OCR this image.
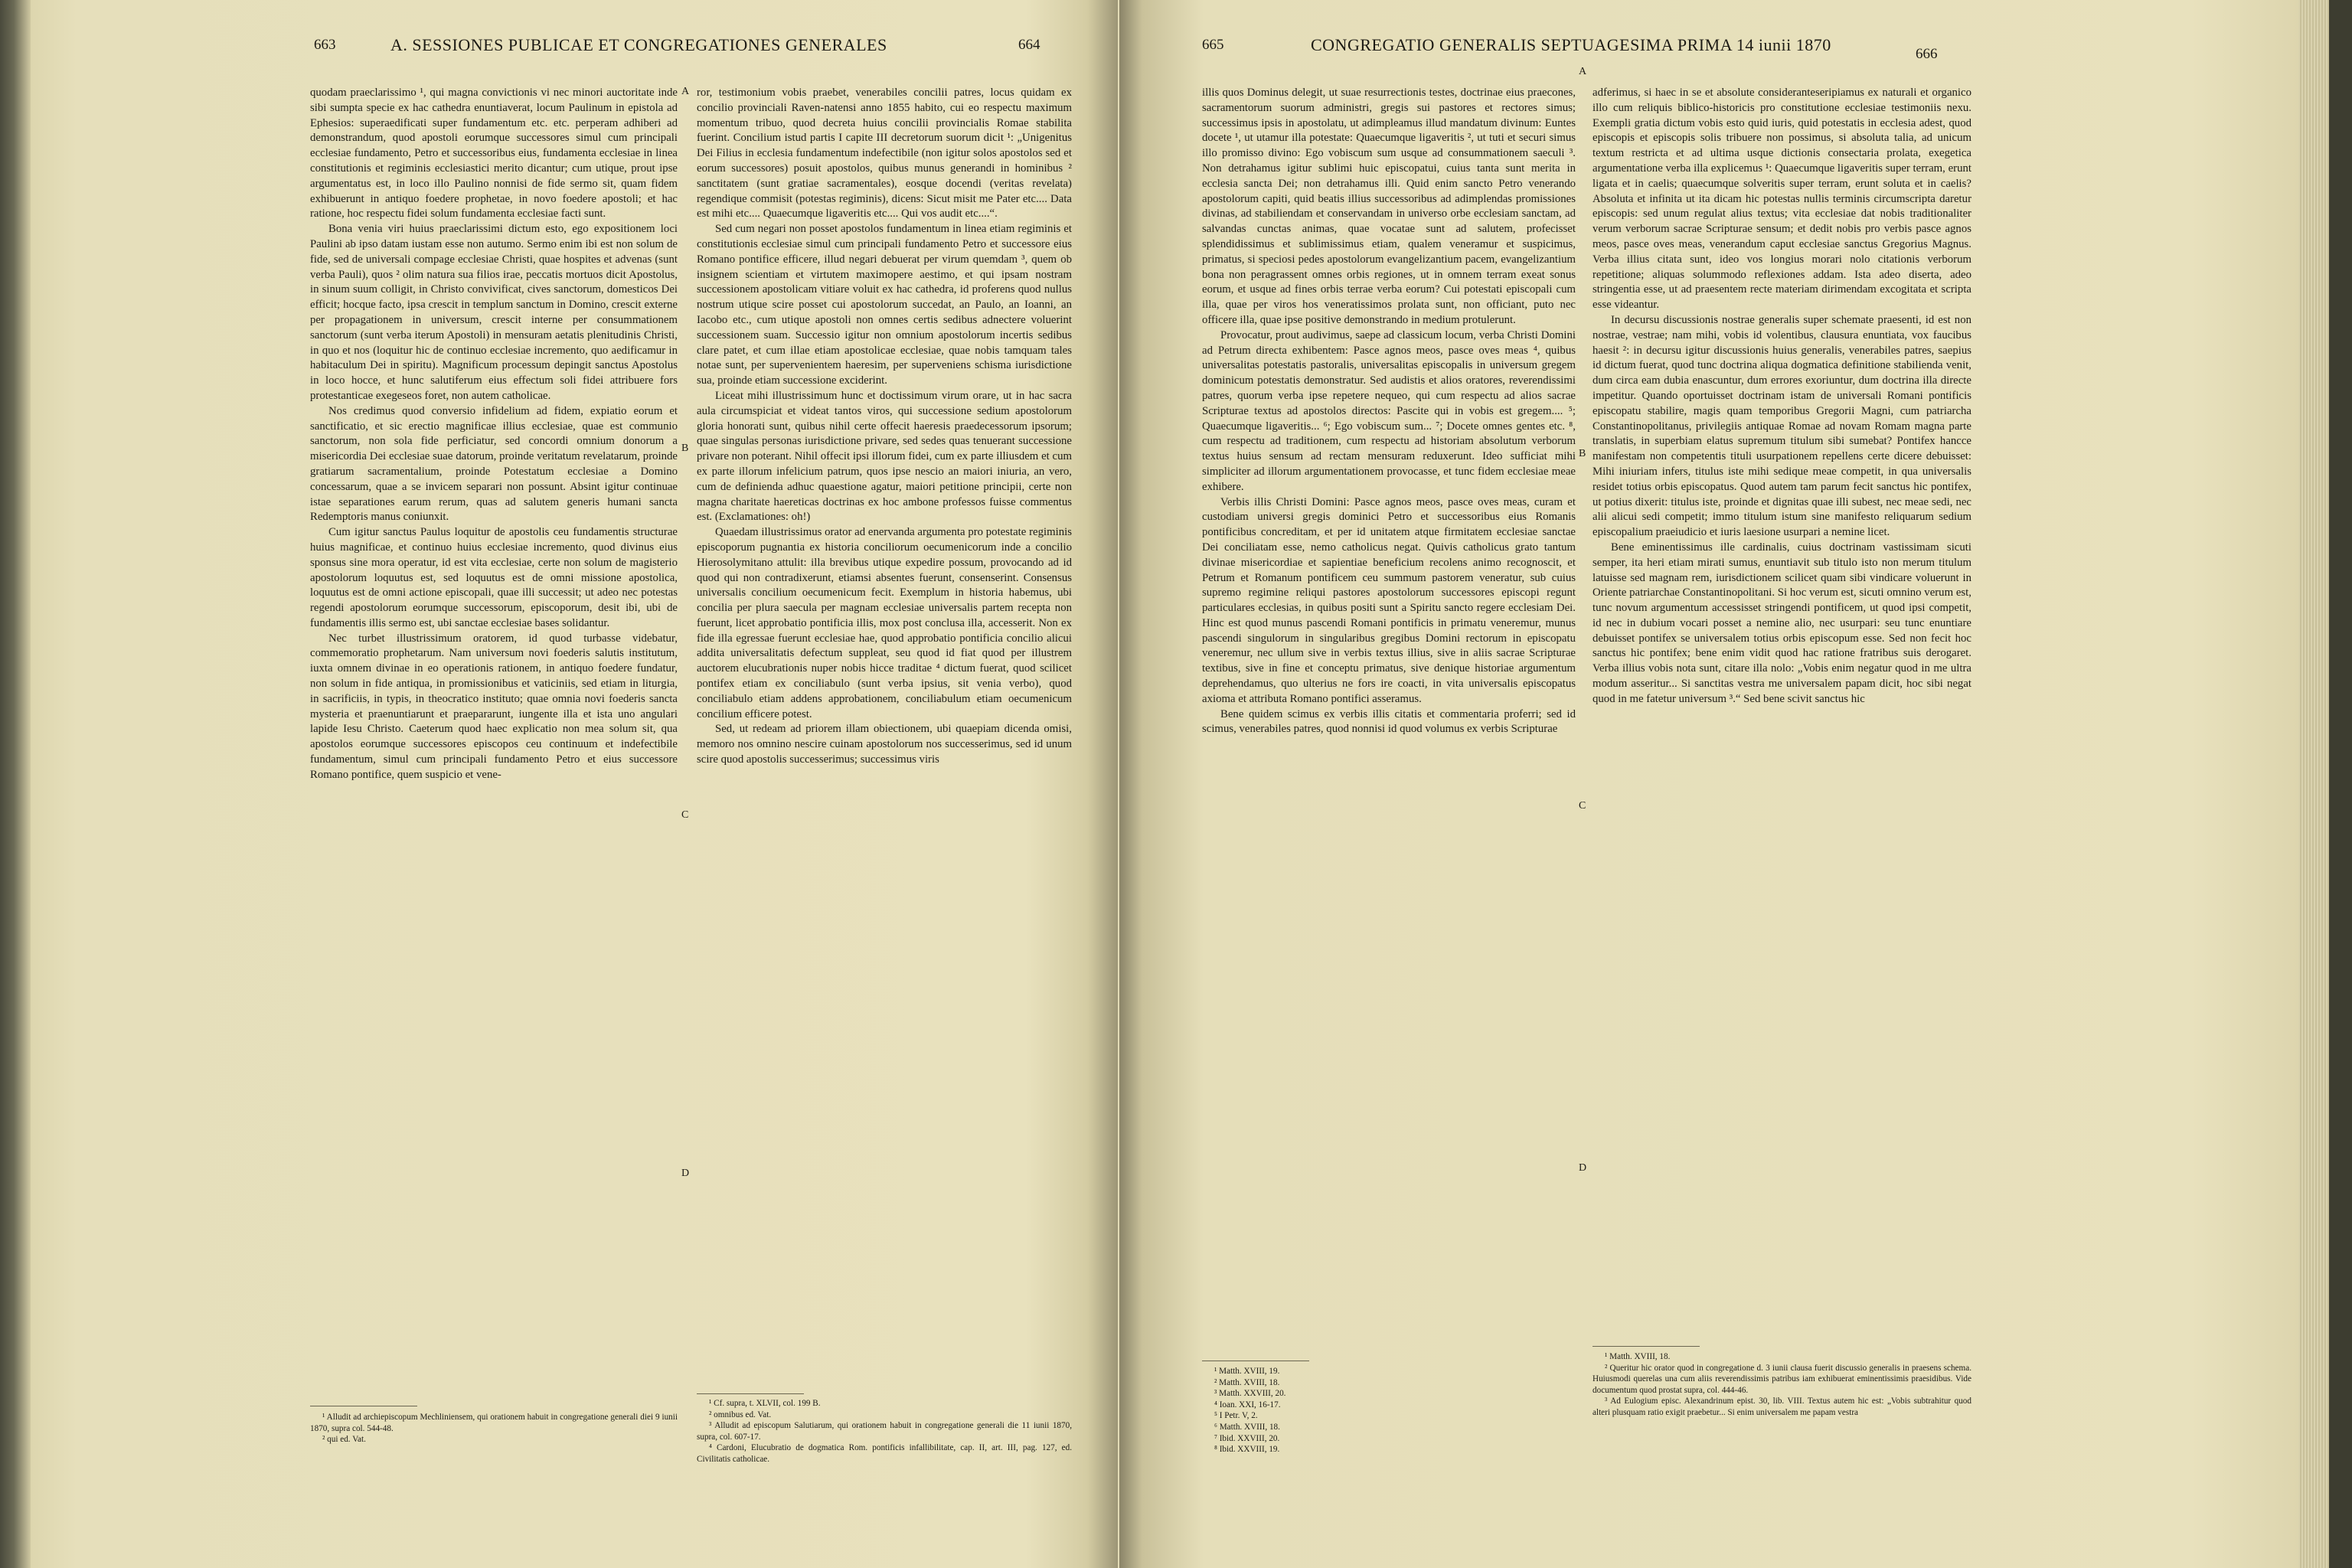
663	A. SESSIONES PUBLICAE ET CONGREGATIONES GENERALES	664

quodam praeclarissimo ¹, qui magna convictionis vi nec minori auctoritate inde sibi sumpta specie ex hac cathedra enuntiaverat, locum Paulinum in epistola ad Ephesios: superaedificati super fundamentum etc. etc. perperam adhiberi ad demonstrandum, quod apostoli eorumque successores simul cum principali ecclesiae fundamento, Petro et successoribus eius, fundamenta ecclesiae in linea constitutionis et regiminis ecclesiastici merito dicantur; cum utique, prout ipse argumentatus est, in loco illo Paulino nonnisi de fide sermo sit, quam fidem exhibuerunt in antiquo foedere prophetae, in novo foedere apostoli; et hac ratione, hoc respectu fidei solum fundamenta ecclesiae facti sunt.

Bona venia viri huius praeclarissimi dictum esto, ego expositionem loci Paulini ab ipso datam iustam esse non autumo. Sermo enim ibi est non solum de fide, sed de universali compage ecclesiae Christi, quae hospites et advenas (sunt verba Pauli), quos ² olim natura sua filios irae, peccatis mortuos dicit Apostolus, in sinum suum colligit, in Christo convivificat, cives sanctorum, domesticos Dei efficit; hocque facto, ipsa crescit in templum sanctum in Domino, crescit externe per propagationem in universum, crescit interne per consummationem sanctorum (sunt verba iterum Apostoli) in mensuram aetatis plenitudinis Christi, in quo et nos (loquitur hic de continuo ecclesiae incremento, quo aedificamur in habitaculum Dei in spiritu). Magnificum processum depingit sanctus Apostolus in loco hocce, et hunc salutiferum eius effectum soli fidei attribuere fors protestanticae exegeseos foret, non autem catholicae.

Nos credimus quod conversio infidelium ad fidem, expiatio eorum et sanctificatio, et sic erectio magnificae illius ecclesiae, quae est communio sanctorum, non sola fide perficiatur, sed concordi omnium donorum a misericordia Dei ecclesiae suae datorum, proinde veritatum revelatarum, proinde gratiarum sacramentalium, proinde Potestatum ecclesiae a Domino concessarum, quae a se invicem separari non possunt. Absint igitur continuae istae separationes earum rerum, quas ad salutem generis humani sancta Redemptoris manus coniunxit.

Cum igitur sanctus Paulus loquitur de apostolis ceu fundamentis structurae huius magnificae, et continuo huius ecclesiae incremento, quod divinus eius sponsus sine mora operatur, id est vita ecclesiae, certe non solum de magisterio apostolorum loquutus est, sed loquutus est de omni missione apostolica, loquutus est de omni actione episcopali, quae illi successit; ut adeo nec potestas regendi apostolorum eorumque successorum, episcoporum, desit ibi, ubi de fundamentis illis sermo est, ubi sanctae ecclesiae bases solidantur.

Nec turbet illustrissimum oratorem, id quod turbasse videbatur, commemoratio prophetarum. Nam universum novi foederis salutis institutum, iuxta omnem divinae in eo operationis rationem, in antiquo foedere fundatur, non solum in fide antiqua, in promissionibus et vaticiniis, sed etiam in liturgia, in sacrificiis, in typis, in theocratico instituto; quae omnia novi foederis sancta mysteria et praenuntiarunt et praepararunt, iungente illa et ista uno angulari lapide Iesu Christo. Caeterum quod haec explicatio non mea solum sit, qua apostolos eorumque successores episcopos ceu continuum et indefectibile fundamentum, simul cum principali fundamento Petro et eius successore Romano pontifice, quem suspicio et vene-

A
B
C
D

ror, testimonium vobis praebet, venerabiles concilii patres, locus quidam ex concilio provinciali Raven-natensi anno 1855 habito, cui eo respectu maximum momentum tribuo, quod decreta huius concilii provincialis Romae stabilita fuerint. Concilium istud partis I capite III decretorum suorum dicit ¹: „Unigenitus Dei Filius in ecclesia fundamentum indefectibile (non igitur solos apostolos sed et eorum successores) posuit apostolos, quibus munus generandi in hominibus ² sanctitatem (sunt gratiae sacramentales), eosque docendi (veritas revelata) regendique commisit (potestas regiminis), dicens: Sicut misit me Pater etc.... Data est mihi etc.... Quaecumque ligaveritis etc.... Qui vos audit etc....“.

Sed cum negari non posset apostolos fundamentum in linea etiam regiminis et constitutionis ecclesiae simul cum principali fundamento Petro et successore eius Romano pontifice efficere, illud negari debuerat per virum quemdam ³, quem ob insignem scientiam et virtutem maximopere aestimo, et qui ipsam nostram successionem apostolicam vitiare voluit ex hac cathedra, id proferens quod nullus nostrum utique scire posset cui apostolorum succedat, an Paulo, an Ioanni, an Iacobo etc., cum utique apostoli non omnes certis sedibus adnectere voluerint successionem suam. Successio igitur non omnium apostolorum incertis sedibus clare patet, et cum illae etiam apostolicae ecclesiae, quae nobis tamquam tales notae sunt, per supervenientem haeresim, per superveniens schisma iurisdictione sua, proinde etiam successione exciderint.

Liceat mihi illustrissimum hunc et doctissimum virum orare, ut in hac sacra aula circumspiciat et videat tantos viros, qui successione sedium apostolorum gloria honorati sunt, quibus nihil certe offecit haeresis praedecessorum ipsorum; quae singulas personas iurisdictione privare, sed sedes quas tenuerant successione privare non poterant. Nihil offecit ipsi illorum fidei, cum ex parte illiusdem et cum ex parte illorum infelicium patrum, quos ipse nescio an maiori iniuria, an vero, cum de definienda adhuc quaestione agatur, maiori petitione principii, certe non magna charitate haereticas doctrinas ex hoc ambone professos fuisse commentus est. (Exclamationes: oh!)

Quaedam illustrissimus orator ad enervanda argumenta pro potestate regiminis episcoporum pugnantia ex historia conciliorum oecumenicorum inde a concilio Hierosolymitano attulit: illa brevibus utique expedire possum, provocando ad id quod qui non contradixerunt, etiamsi absentes fuerunt, consenserint. Consensus universalis concilium oecumenicum fecit. Exemplum in historia habemus, ubi concilia per plura saecula per magnam ecclesiae universalis partem recepta non fuerunt, licet approbatio pontificia illis, mox post conclusa illa, accesserit. Non ex fide illa egressae fuerunt ecclesiae hae, quod approbatio pontificia concilio alicui addita universalitatis defectum suppleat, seu quod id fiat quod per illustrem auctorem elucubrationis nuper nobis hicce traditae ⁴ dictum fuerat, quod scilicet pontifex etiam ex conciliabulo (sunt verba ipsius, sit venia verbo), quod conciliabulo etiam addens approbationem, conciliabulum etiam oecumenicum concilium efficere potest.

Sed, ut redeam ad priorem illam obiectionem, ubi quaepiam dicenda omisi, memoro nos omnino nescire cuinam apostolorum nos successerimus, sed id unum scire quod apostolis successerimus; successimus viris

¹ Alludit ad archiepiscopum Mechliniensem, qui orationem habuit in congregatione generali diei 9 iunii 1870, supra col. 544-48.

² qui ed. Vat.

¹ Cf. supra, t. XLVII, col. 199 B.

² omnibus ed. Vat.

³ Alludit ad episcopum Salutiarum, qui orationem habuit in congregatione generali die 11 iunii 1870, supra, col. 607-17.

⁴ Cardoni, Elucubratio de dogmatica Rom. pontificis infallibilitate, cap. II, art. III, pag. 127, ed. Civilitatis catholicae.

665	CONGREGATIO GENERALIS SEPTUAGESIMA PRIMA 14 iunii 1870	666

illis quos Dominus delegit, ut suae resurrectionis testes, doctrinae eius praecones, sacramentorum suorum administri, gregis sui pastores et rectores simus; successimus ipsis in apostolatu, ut adimpleamus illud mandatum divinum: Euntes docete ¹, ut utamur illa potestate: Quaecumque ligaveritis ², ut tuti et securi simus illo promisso divino: Ego vobiscum sum usque ad consummationem saeculi ³. Non detrahamus igitur sublimi huic episcopatui, cuius tanta sunt merita in ecclesia sancta Dei; non detrahamus illi. Quid enim sancto Petro venerando apostolorum capiti, quid beatis illius successoribus ad adimplendas promissiones divinas, ad stabiliendam et conservandam in universo orbe ecclesiam sanctam, ad salvandas cunctas animas, quae vocatae sunt ad salutem, profecisset splendidissimus et sublimissimus etiam, qualem veneramur et suspicimus, primatus, si speciosi pedes apostolorum evangelizantium pacem, evangelizantium bona non peragrassent omnes orbis regiones, ut in omnem terram exeat sonus eorum, et usque ad fines orbis terrae verba eorum? Cui potestati episcopali cum illa, quae per viros hos veneratissimos prolata sunt, non officiant, puto nec officere illa, quae ipse positive demonstrando in medium protulerunt.

Provocatur, prout audivimus, saepe ad classicum locum, verba Christi Domini ad Petrum directa exhibentem: Pasce agnos meos, pasce oves meas ⁴, quibus universalitas potestatis pastoralis, universalitas episcopalis in universum gregem dominicum potestatis demonstratur. Sed audistis et alios oratores, reverendissimi patres, quorum verba ipse repetere nequeo, qui cum respectu ad alios sacrae Scripturae textus ad apostolos directos: Pascite qui in vobis est gregem.... ⁵; Quaecumque ligaveritis... ⁶; Ego vobiscum sum... ⁷; Docete omnes gentes etc. ⁸, cum respectu ad traditionem, cum respectu ad historiam absolutum verborum textus huius sensum ad rectam mensuram reduxerunt. Ideo sufficiat mihi simpliciter ad illorum argumentationem provocasse, et tunc fidem ecclesiae meae exhibere.

Verbis illis Christi Domini: Pasce agnos meos, pasce oves meas, curam et custodiam universi gregis dominici Petro et successoribus eius Romanis pontificibus concreditam, et per id unitatem atque firmitatem ecclesiae sanctae Dei conciliatam esse, nemo catholicus negat. Quivis catholicus grato tantum divinae misericordiae et sapientiae beneficium recolens animo recognoscit, et Petrum et Romanum pontificem ceu summum pastorem veneratur, sub cuius supremo regimine reliqui pastores apostolorum successores episcopi regunt particulares ecclesias, in quibus positi sunt a Spiritu sancto regere ecclesiam Dei. Hinc est quod munus pascendi Romani pontificis in primatu veneremur, munus pascendi singulorum in singularibus gregibus Domini rectorum in episcopatu veneremur, nec ullum sive in verbis textus illius, sive in aliis sacrae Scripturae textibus, sive in fine et conceptu primatus, sive denique historiae argumentum deprehendamus, quo ulterius ne fors ire coacti, in vita universalis episcopatus axioma et attributa Romano pontifici asseramus.

Bene quidem scimus ex verbis illis citatis et commentaria proferri; sed id scimus, venerabiles patres, quod nonnisi id quod volumus ex verbis Scripturae

A
B
C
D

adferimus, si haec in se et absolute consideranteseripiamus ex naturali et organico illo cum reliquis biblico-historicis pro constitutione ecclesiae testimoniis nexu. Exempli gratia dictum vobis esto quid iuris, quid potestatis in ecclesia adest, quod episcopis et episcopis solis tribuere non possimus, si absoluta talia, ad unicum textum restricta et ad ultima usque dictionis consectaria prolata, exegetica argumentatione verba illa explicemus ¹: Quaecumque ligaveritis super terram, erunt ligata et in caelis; quaecumque solveritis super terram, erunt soluta et in caelis? Absoluta et infinita ut ita dicam hic potestas nullis terminis circumscripta daretur episcopis: sed unum regulat alius textus; vita ecclesiae dat nobis traditionaliter verum verborum sacrae Scripturae sensum; et dedit nobis pro verbis pasce agnos meos, pasce oves meas, venerandum caput ecclesiae sanctus Gregorius Magnus. Verba illius citata sunt, ideo vos longius morari nolo citationis verborum repetitione; aliquas solummodo reflexiones addam. Ista adeo diserta, adeo stringentia esse, ut ad praesentem recte materiam dirimendam excogitata et scripta esse videantur.

In decursu discussionis nostrae generalis super schemate praesenti, id est non nostrae, vestrae; nam mihi, vobis id volentibus, clausura enuntiata, vox faucibus haesit ²: in decursu igitur discussionis huius generalis, venerabiles patres, saepius id dictum fuerat, quod tunc doctrina aliqua dogmatica definitione stabilienda venit, dum circa eam dubia enascuntur, dum errores exoriuntur, dum doctrina illa directe impetitur. Quando oportuisset doctrinam istam de universali Romani pontificis episcopatu stabilire, magis quam temporibus Gregorii Magni, cum patriarcha Constantinopolitanus, privilegiis antiquae Romae ad novam Romam magna parte translatis, in superbiam elatus supremum titulum sibi sumebat? Pontifex hancce manifestam non competentis tituli usurpationem repellens certe dicere debuisset: Mihi iniuriam infers, titulus iste mihi sedique meae competit, in qua universalis residet totius orbis episcopatus. Quod autem tam parum fecit sanctus hic pontifex, ut potius dixerit: titulus iste, proinde et dignitas quae illi subest, nec meae sedi, nec alii alicui sedi competit; immo titulum istum sine manifesto reliquarum sedium episcopalium praeiudicio et iuris laesione usurpari a nemine licet.

Bene eminentissimus ille cardinalis, cuius doctrinam vastissimam sicuti semper, ita heri etiam mirati sumus, enuntiavit sub titulo isto non merum titulum latuisse sed magnam rem, iurisdictionem scilicet quam sibi vindicare voluerunt in Oriente patriarchae Constantinopolitani. Si hoc verum est, sicuti omnino verum est, tunc novum argumentum accessisset stringendi pontificem, ut quod ipsi competit, id nec in dubium vocari posset a nemine alio, nec usurpari: seu tunc enuntiare debuisset pontifex se universalem totius orbis episcopum esse. Sed non fecit hoc sanctus hic pontifex; bene enim vidit quod hac ratione fratribus suis derogaret. Verba illius vobis nota sunt, citare illa nolo: „Vobis enim negatur quod in me ultra modum asseritur... Si sanctitas vestra me universalem papam dicit, hoc sibi negat quod in me fatetur universum ³.“ Sed bene scivit sanctus hic

¹ Matth. XVIII, 19.

² Matth. XVIII, 18.

³ Matth. XXVIII, 20.

⁴ Ioan. XXI, 16-17.

⁵ I Petr. V, 2.

⁶ Matth. XVIII, 18.

⁷ Ibid. XXVIII, 20.

⁸ Ibid. XXVIII, 19.

¹ Matth. XVIII, 18.

² Queritur hic orator quod in congregatione d. 3 iunii clausa fuerit discussio generalis in praesens schema. Huiusmodi querelas una cum aliis reverendissimis patribus iam exhibuerat eminentissimis praesidibus. Vide documentum quod prostat supra, col. 444-46.

³ Ad Eulogium episc. Alexandrinum epist. 30, lib. VIII. Textus autem hic est: „Vobis subtrahitur quod alteri plusquam ratio exigit praebetur... Si enim universalem me papam vestra
